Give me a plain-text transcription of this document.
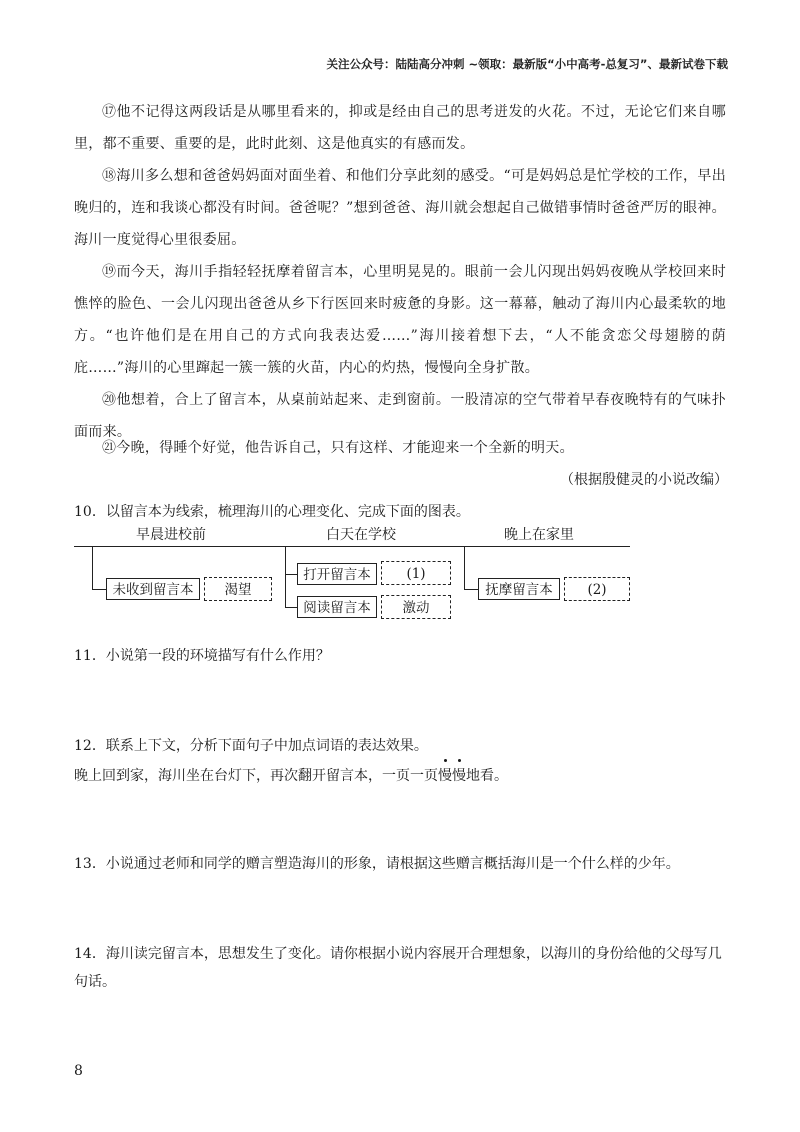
关注公众号：陆陆高分冲刺 ~领取：最新版“小中高考-总复习”、最新试卷下载

⑰他不记得这两段话是从哪里看来的，抑或是经由自己的思考迸发的火花。不过，无论它们来自哪里，都不重要、重要的是，此时此刻、这是他真实的有感而发。

⑱海川多么想和爸爸妈妈面对面坐着、和他们分享此刻的感受。“可是妈妈总是忙学校的工作，早出晚归的，连和我谈心都没有时间。爸爸呢？”想到爸爸、海川就会想起自己做错事情时爸爸严厉的眼神。海川一度觉得心里很委屈。

⑲而今天，海川手指轻轻抚摩着留言本，心里明晃晃的。眼前一会儿闪现出妈妈夜晚从学校回来时憔悴的脸色、一会儿闪现出爸爸从乡下行医回来时疲惫的身影。这一幕幕，触动了海川内心最柔软的地方。“也许他们是在用自己的方式向我表达爱……”海川接着想下去，“人不能贪恋父母翅膀的荫庇……”海川的心里蹿起一簇一簇的火苗，内心的灼热，慢慢向全身扩散。

⑳他想着，合上了留言本，从桌前站起来、走到窗前。一股清凉的空气带着早春夜晚特有的气味扑面而来。

㉑今晚，得睡个好觉，他告诉自己，只有这样、才能迎来一个全新的明天。

（根据殷健灵的小说改编）

10．以留言本为线索，梳理海川的心理变化、完成下面的图表。

早晨进校前	白天在学校	晚上在家里
未收到留言本	渴望
打开留言本	(1)
阅读留言本	激动
抚摩留言本	(2)

11．小说第一段的环境描写有什么作用？

12．联系上下文，分析下面句子中加点词语的表达效果。

晚上回到家，海川坐在台灯下，再次翻开留言本，一页一页慢慢地看。

13．小说通过老师和同学的赠言塑造海川的形象，请根据这些赠言概括海川是一个什么样的少年。

14．海川读完留言本，思想发生了变化。请你根据小说内容展开合理想象，以海川的身份给他的父母写几句话。

8
